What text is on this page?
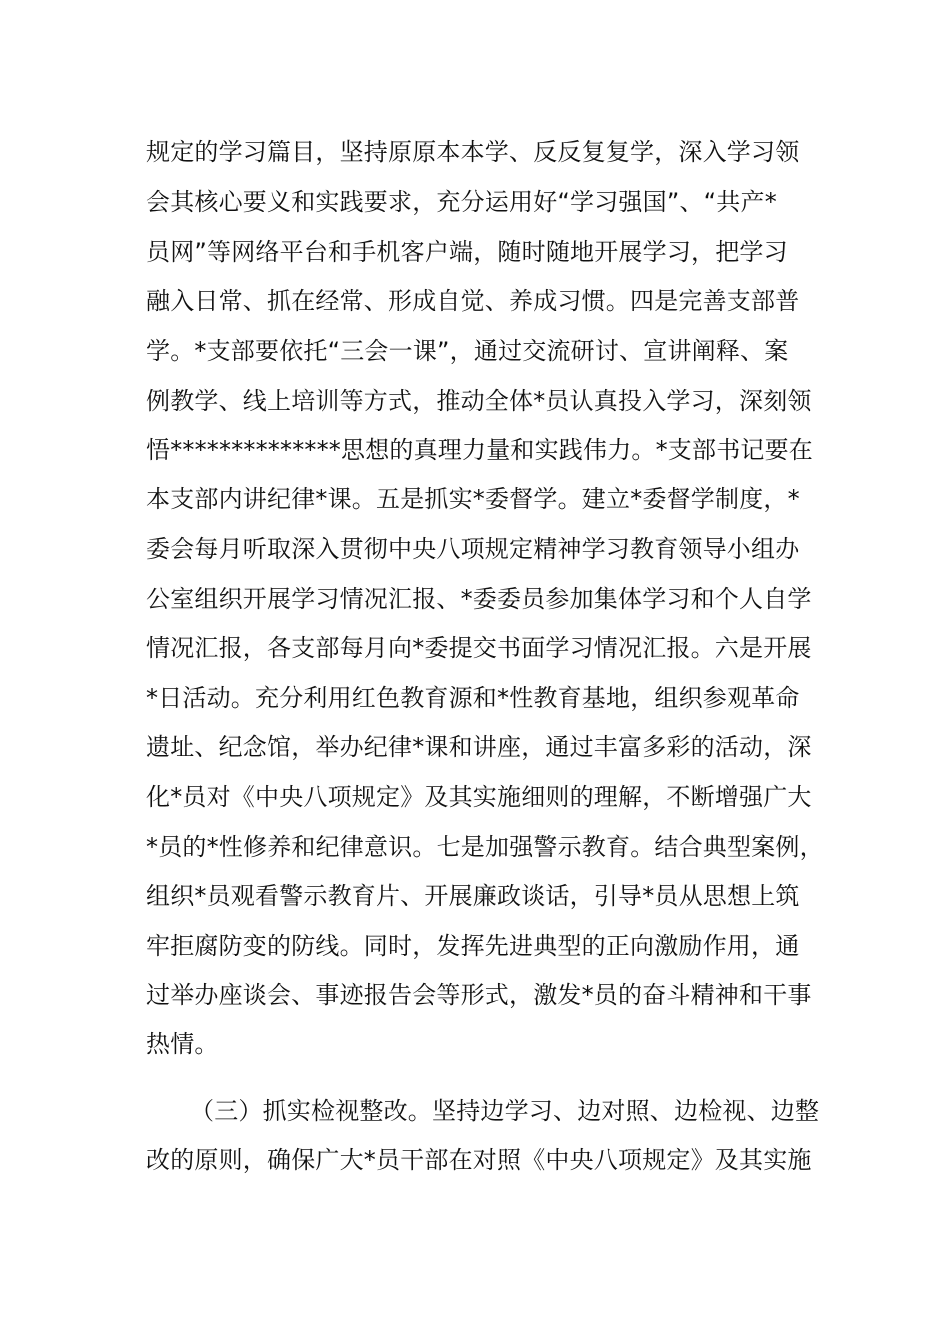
规定的学习篇目，坚持原原本本学、反反复复学，深入学习领
会其核心要义和实践要求，充分运用好“学习强国”、“共产*
员网”等网络平台和手机客户端，随时随地开展学习，把学习
融入日常、抓在经常、形成自觉、养成习惯。四是完善支部普
学。*支部要依托“三会一课”，通过交流研讨、宣讲阐释、案
例教学、线上培训等方式，推动全体*员认真投入学习，深刻领
悟**************思想的真理力量和实践伟力。*支部书记要在
本支部内讲纪律*课。五是抓实*委督学。建立*委督学制度，*
委会每月听取深入贯彻中央八项规定精神学习教育领导小组办
公室组织开展学习情况汇报、*委委员参加集体学习和个人自学
情况汇报，各支部每月向*委提交书面学习情况汇报。六是开展
*日活动。充分利用红色教育源和*性教育基地，组织参观革命
遗址、纪念馆，举办纪律*课和讲座，通过丰富多彩的活动，深
化*员对《中央八项规定》及其实施细则的理解，不断增强广大
*员的*性修养和纪律意识。七是加强警示教育。结合典型案例，
组织*员观看警示教育片、开展廉政谈话，引导*员从思想上筑
牢拒腐防变的防线。同时，发挥先进典型的正向激励作用，通
过举办座谈会、事迹报告会等形式，激发*员的奋斗精神和干事
热情。
（三）抓实检视整改。坚持边学习、边对照、边检视、边整
改的原则，确保广大*员干部在对照《中央八项规定》及其实施
